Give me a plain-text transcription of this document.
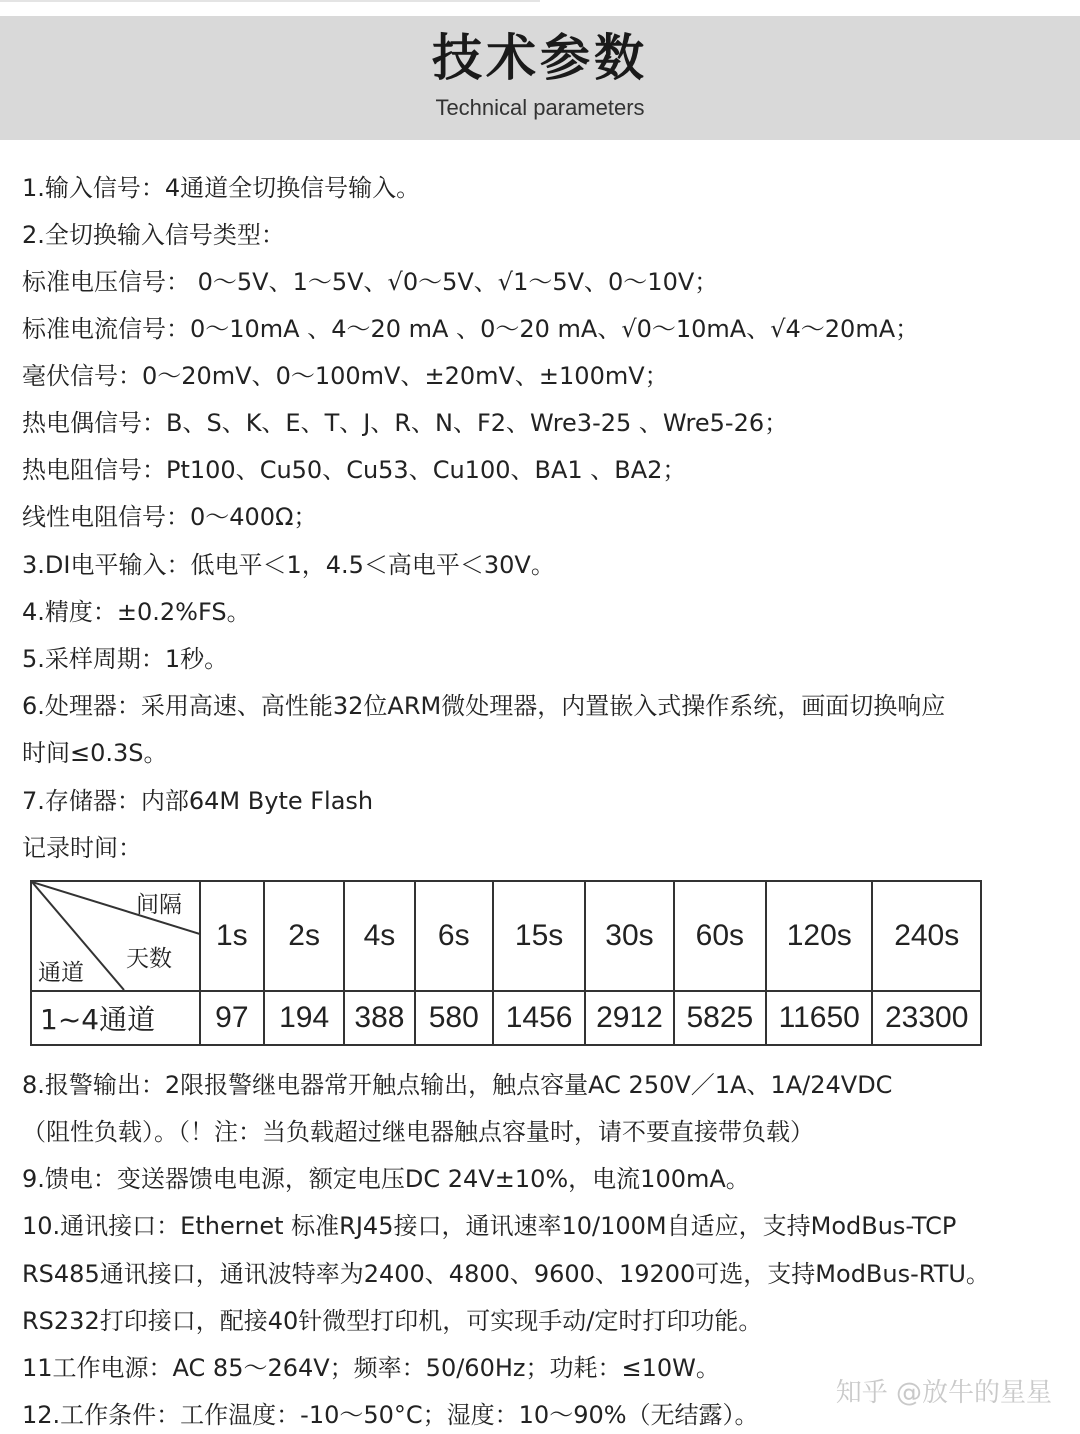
技术参数

Technical parameters

1.输入信号：4通道全切换信号输入。
2.全切换输入信号类型：
标准电压信号： 0～5V、1～5V、√0～5V、√1～5V、0～10V；
标准电流信号：0～10mA 、4～20 mA 、0～20 mA、√0～10mA、√4～20mA；
毫伏信号：0～20mV、0～100mV、±20mV、±100mV；
热电偶信号：B、S、K、E、T、J、R、N、F2、Wre3-25 、Wre5-26；
热电阻信号：Pt100、Cu50、Cu53、Cu100、BA1 、BA2；
线性电阻信号：0～400Ω；
3.DI电平输入：低电平＜1，4.5＜高电平＜30V。
4.精度：±0.2%FS。
5.采样周期：1秒。
6.处理器：采用高速、高性能32位ARM微处理器，内置嵌入式操作系统，画面切换响应
时间≤0.3S。
7.存储器：内部64M Byte Flash
记录时间：
间隔
天数
通道	1s	2s	4s	6s	15s	30s	60s	120s	240s
1~4通道	97	194	388	580	1456	2912	5825	11650	23300
8.报警输出：2限报警继电器常开触点输出，触点容量AC 250V／1A、1A/24VDC
（阻性负载）。（！注：当负载超过继电器触点容量时，请不要直接带负载）
9.馈电：变送器馈电电源，额定电压DC 24V±10%，电流100mA。
10.通讯接口：Ethernet 标准RJ45接口，通讯速率10/100M自适应，支持ModBus-TCP
RS485通讯接口，通讯波特率为2400、4800、9600、19200可选，支持ModBus-RTU。
RS232打印接口，配接40针微型打印机，可实现手动/定时打印功能。
11工作电源：AC 85～264V；频率：50/60Hz；功耗：≤10W。
12.工作条件：工作温度：-10～50°C；湿度：10～90%（无结露）。
知乎 @放牛的星星
